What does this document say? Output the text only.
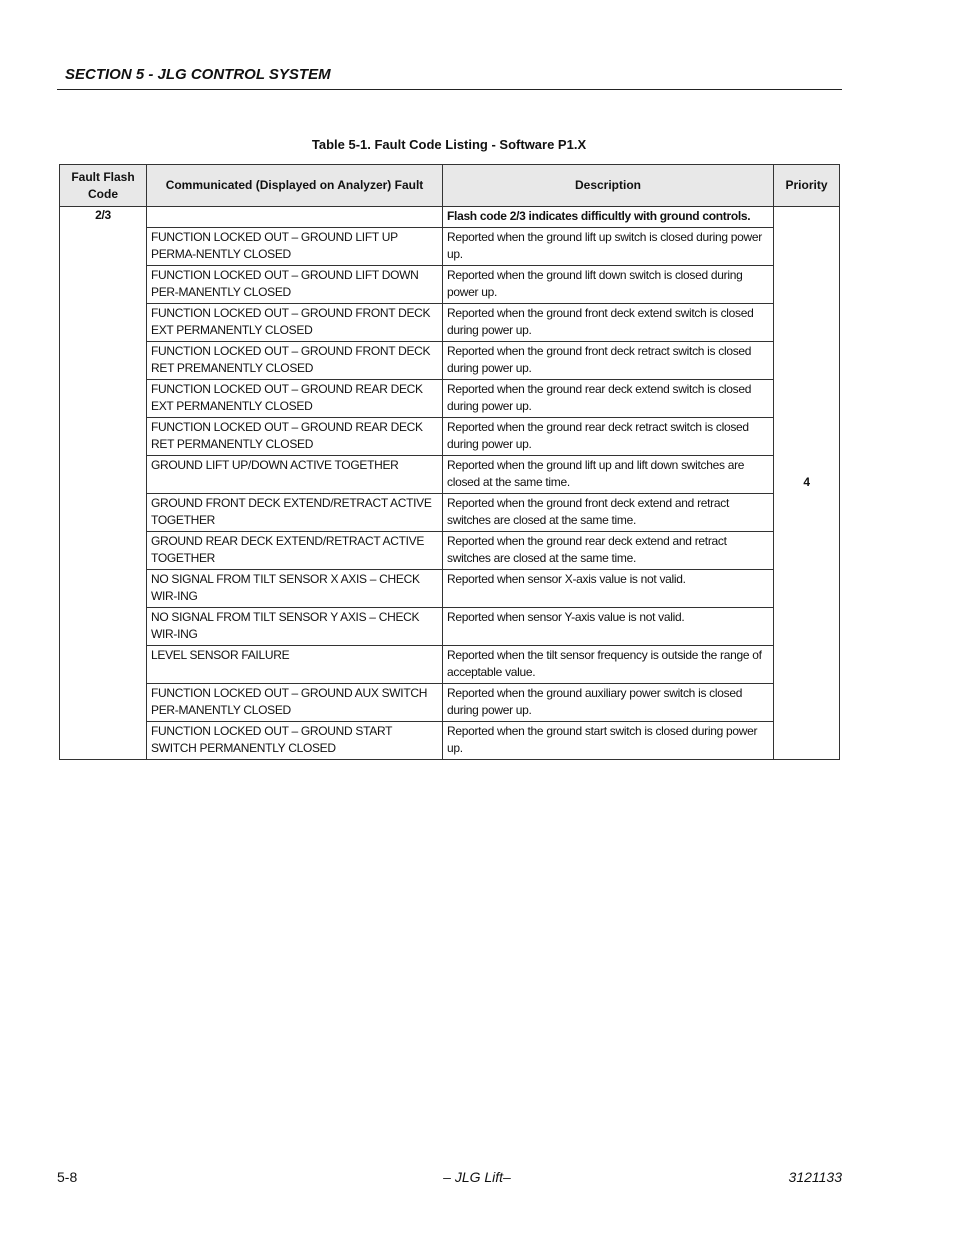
SECTION 5 - JLG CONTROL SYSTEM
Table 5-1. Fault Code Listing - Software P1.X
Fault Flash Code	Communicated (Displayed on Analyzer) Fault	Description	Priority
2/3		Flash code 2/3 indicates difficultly with ground controls.	4
	FUNCTION LOCKED OUT – GROUND LIFT UP PERMA-NENTLY CLOSED	Reported when the ground lift up switch is closed during power up.	
	FUNCTION LOCKED OUT – GROUND LIFT DOWN PER-MANENTLY CLOSED	Reported when the ground lift down switch is closed during power up.	
	FUNCTION LOCKED OUT – GROUND FRONT DECK EXT PERMANENTLY CLOSED	Reported when the ground front deck extend switch is closed during power up.	
	FUNCTION LOCKED OUT – GROUND FRONT DECK RET PREMANENTLY CLOSED	Reported when the ground front deck retract switch is closed during power up.	
	FUNCTION LOCKED OUT – GROUND REAR DECK EXT PERMANENTLY CLOSED	Reported when the ground rear deck extend switch is closed during power up.	
	FUNCTION LOCKED OUT – GROUND REAR DECK RET PERMANENTLY CLOSED	Reported when the ground rear deck retract switch is closed during power up.	
	GROUND LIFT UP/DOWN ACTIVE TOGETHER	Reported when the ground lift up and lift down switches are closed at the same time.	
	GROUND FRONT DECK EXTEND/RETRACT ACTIVE TOGETHER	Reported when the ground front deck extend and retract switches are closed at the same time.	
	GROUND REAR DECK EXTEND/RETRACT ACTIVE TOGETHER	Reported when the ground rear deck extend and retract switches are closed at the same time.	
	NO SIGNAL FROM TILT SENSOR X AXIS – CHECK WIR-ING	Reported when sensor X-axis value is not valid.	
	NO SIGNAL FROM TILT SENSOR Y AXIS – CHECK WIR-ING	Reported when sensor Y-axis value is not valid.	
	LEVEL SENSOR FAILURE	Reported when the tilt sensor frequency is outside the range of acceptable value.	
	FUNCTION LOCKED OUT – GROUND AUX SWITCH PER-MANENTLY CLOSED	Reported when the ground auxiliary power switch is closed during power up.	
	FUNCTION LOCKED OUT – GROUND START SWITCH PERMANENTLY CLOSED	Reported when the ground start switch is closed during power up.	
5-8	– JLG Lift–	3121133
